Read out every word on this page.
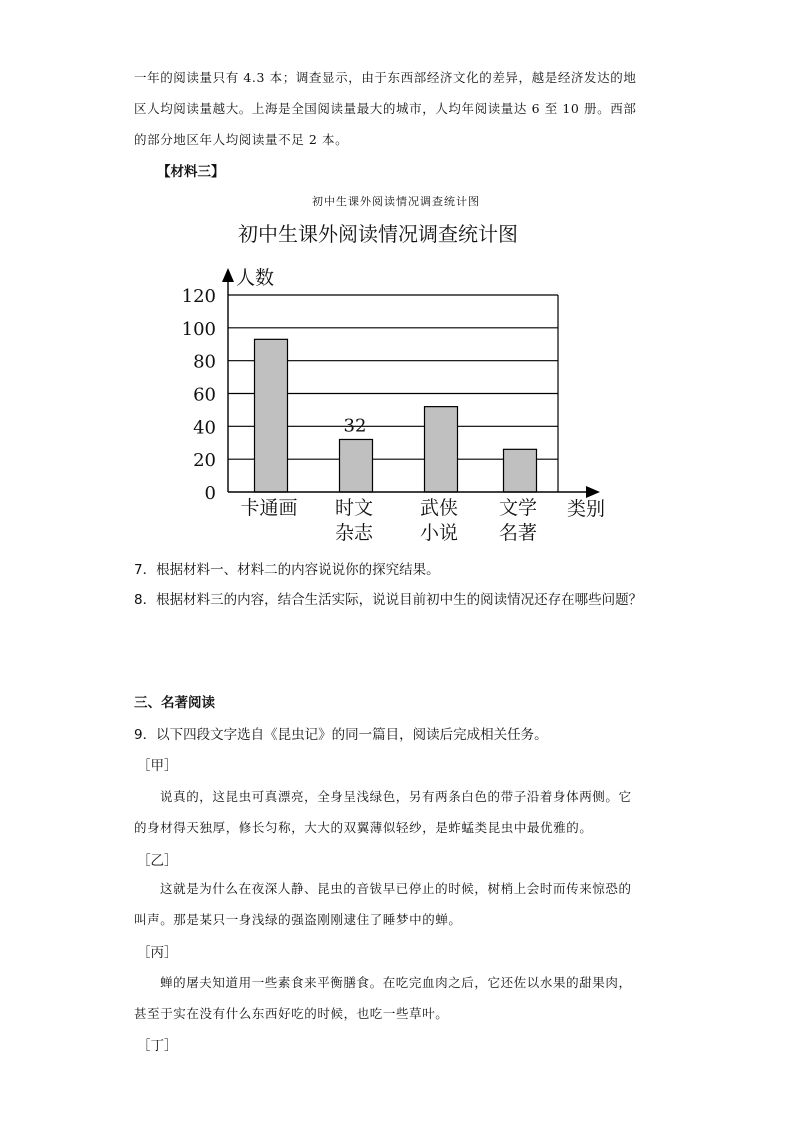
一年的阅读量只有 4.3 本；调查显示，由于东西部经济文化的差异，越是经济发达的地
区人均阅读量越大。上海是全国阅读量最大的城市，人均年阅读量达 6 至 10 册。西部
的部分地区年人均阅读量不足 2 本。
【材料三】
初中生课外阅读情况调查统计图
初中生课外阅读情况调查统计图
人数
0
20
40
60
80
100
120
32
卡通画 时文
杂志
武侠
小说
文学
名著
类别
7．根据材料一、材料二的内容说说你的探究结果。
8．根据材料三的内容，结合生活实际，说说目前初中生的阅读情况还存在哪些问题？
三、名著阅读
9．以下四段文字选自《昆虫记》的同一篇目，阅读后完成相关任务。
［甲］
说真的，这昆虫可真漂亮，全身呈浅绿色，另有两条白色的带子沿着身体两侧。它
的身材得天独厚，修长匀称，大大的双翼薄似轻纱，是蚱蜢类昆虫中最优雅的。
［乙］
这就是为什么在夜深人静、昆虫的音钹早已停止的时候，树梢上会时而传来惊恐的
叫声。那是某只一身浅绿的强盗刚刚逮住了睡梦中的蝉。
［丙］
蝉的屠夫知道用一些素食来平衡膳食。在吃完血肉之后，它还佐以水果的甜果肉，
甚至于实在没有什么东西好吃的时候，也吃一些草叶。
［丁］
